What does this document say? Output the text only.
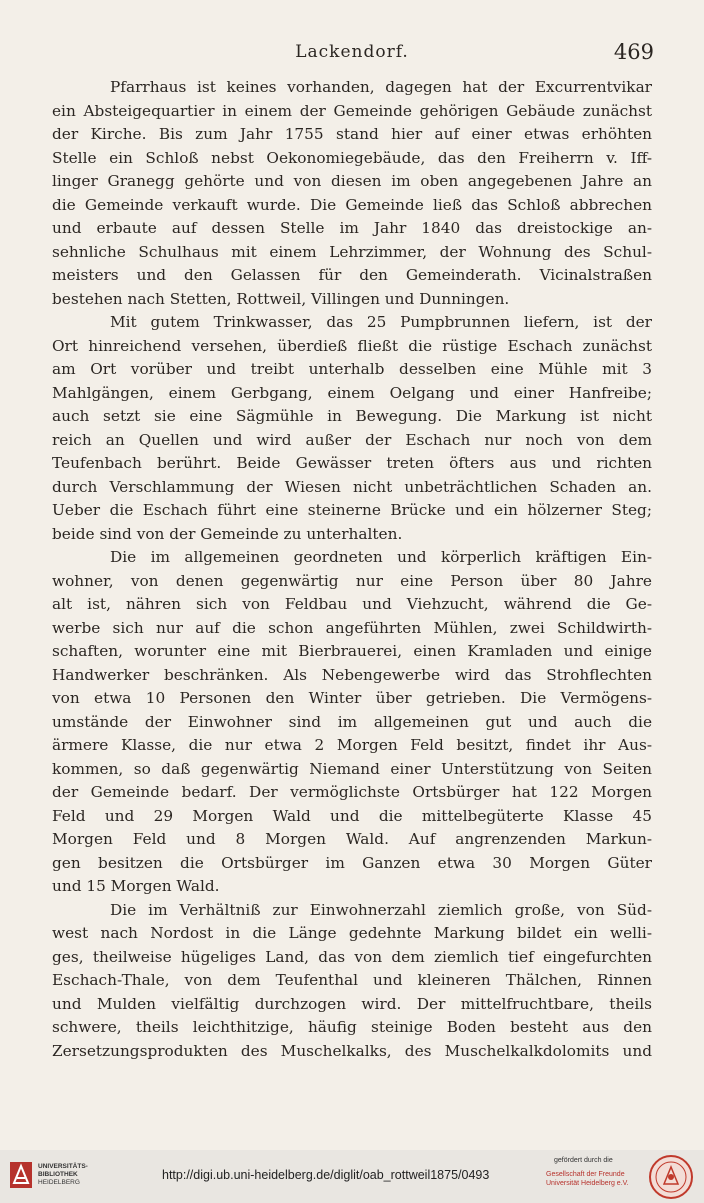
Lackendorf.	469
Pfarrhaus ist keines vorhanden, dagegen hat der Excurrentvikar
ein Absteigequartier in einem der Gemeinde gehörigen Gebäude zunächst
der Kirche. Bis zum Jahr 1755 stand hier auf einer etwas erhöhten
Stelle ein Schloß nebst Oekonomiegebäude, das den Freiherrn v. Iff-
linger Granegg gehörte und von diesen im oben angegebenen Jahre an
die Gemeinde verkauft wurde. Die Gemeinde ließ das Schloß abbrechen
und erbaute auf dessen Stelle im Jahr 1840 das dreistockige an-
sehnliche Schulhaus mit einem Lehrzimmer, der Wohnung des Schul-
meisters und den Gelassen für den Gemeinderath. Vicinalstraßen
bestehen nach Stetten, Rottweil, Villingen und Dunningen.
Mit gutem Trinkwasser, das 25 Pumpbrunnen liefern, ist der
Ort hinreichend versehen, überdieß fließt die rüstige Eschach zunächst
am Ort vorüber und treibt unterhalb desselben eine Mühle mit 3
Mahlgängen, einem Gerbgang, einem Oelgang und einer Hanfreibe;
auch setzt sie eine Sägmühle in Bewegung. Die Markung ist nicht
reich an Quellen und wird außer der Eschach nur noch von dem
Teufenbach berührt. Beide Gewässer treten öfters aus und richten
durch Verschlammung der Wiesen nicht unbeträchtlichen Schaden an.
Ueber die Eschach führt eine steinerne Brücke und ein hölzerner Steg;
beide sind von der Gemeinde zu unterhalten.
Die im allgemeinen geordneten und körperlich kräftigen Ein-
wohner, von denen gegenwärtig nur eine Person über 80 Jahre
alt ist, nähren sich von Feldbau und Viehzucht, während die Ge-
werbe sich nur auf die schon angeführten Mühlen, zwei Schildwirth-
schaften, worunter eine mit Bierbrauerei, einen Kramladen und einige
Handwerker beschränken. Als Nebengewerbe wird das Strohflechten
von etwa 10 Personen den Winter über getrieben. Die Vermögens-
umstände der Einwohner sind im allgemeinen gut und auch die
ärmere Klasse, die nur etwa 2 Morgen Feld besitzt, findet ihr Aus-
kommen, so daß gegenwärtig Niemand einer Unterstützung von Seiten
der Gemeinde bedarf. Der vermöglichste Ortsbürger hat 122 Morgen
Feld und 29 Morgen Wald und die mittelbegüterte Klasse 45
Morgen Feld und 8 Morgen Wald. Auf angrenzenden Markun-
gen besitzen die Ortsbürger im Ganzen etwa 30 Morgen Güter
und 15 Morgen Wald.
Die im Verhältniß zur Einwohnerzahl ziemlich große, von Süd-
west nach Nordost in die Länge gedehnte Markung bildet ein welli-
ges, theilweise hügeliges Land, das von dem ziemlich tief eingefurchten
Eschach-Thale, von dem Teufenthal und kleineren Thälchen, Rinnen
und Mulden vielfältig durchzogen wird. Der mittelfruchtbare, theils
schwere, theils leichthitzige, häufig steinige Boden besteht aus den
Zersetzungsprodukten des Muschelkalks, des Muschelkalkdolomits und
UNIVERSITÄTS-
BIBLIOTHEK
HEIDELBERG
http://digi.ub.uni-heidelberg.de/diglit/oab_rottweil1875/0493
gefördert durch die
Gesellschaft der Freunde
Universität Heidelberg e.V.
